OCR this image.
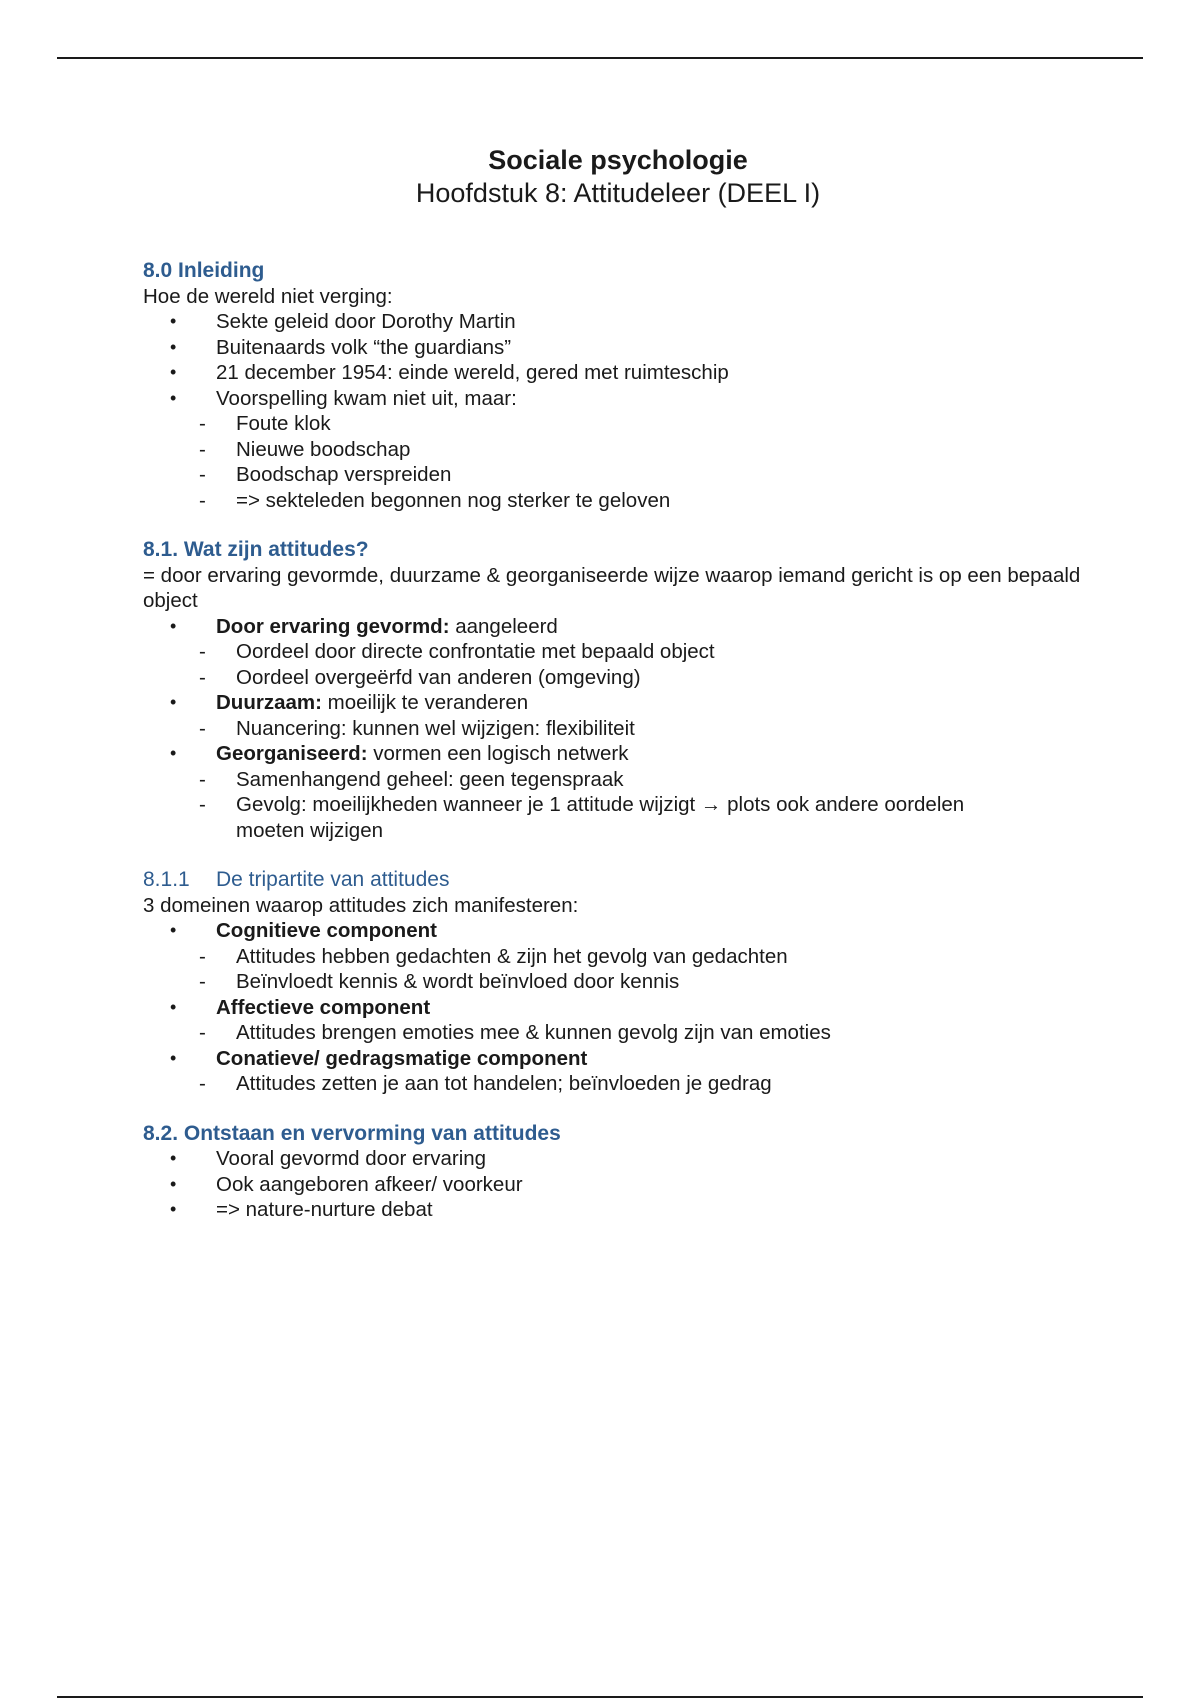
Sociale psychologie
Hoofdstuk 8: Attitudeleer (DEEL I)

8.0 Inleiding

Hoe de wereld niet verging:

• Sekte geleid door Dorothy Martin
• Buitenaards volk “the guardians”
• 21 december 1954: einde wereld, gered met ruimteschip
• Voorspelling kwam niet uit, maar:
- Foute klok
- Nieuwe boodschap
- Boodschap verspreiden
- => sekteleden begonnen nog sterker te geloven

8.1. Wat zijn attitudes?

= door ervaring gevormde, duurzame & georganiseerde wijze waarop iemand gericht is op een bepaald object

• Door ervaring gevormd: aangeleerd
- Oordeel door directe confrontatie met bepaald object
- Oordeel overgeërfd van anderen (omgeving)
• Duurzaam: moeilijk te veranderen
- Nuancering: kunnen wel wijzigen: flexibiliteit
• Georganiseerd: vormen een logisch netwerk
- Samenhangend geheel: geen tegenspraak
- Gevolg: moeilijkheden wanneer je 1 attitude wijzigt → plots ook andere oordelen moeten wijzigen

8.1.1 De tripartite van attitudes

3 domeinen waarop attitudes zich manifesteren:

• Cognitieve component
- Attitudes hebben gedachten & zijn het gevolg van gedachten
- Beïnvloedt kennis & wordt beïnvloed door kennis
• Affectieve component
- Attitudes brengen emoties mee & kunnen gevolg zijn van emoties
• Conatieve/ gedragsmatige component
- Attitudes zetten je aan tot handelen; beïnvloeden je gedrag

8.2. Ontstaan en vervorming van attitudes

• Vooral gevormd door ervaring
• Ook aangeboren afkeer/ voorkeur
• => nature-nurture debat
